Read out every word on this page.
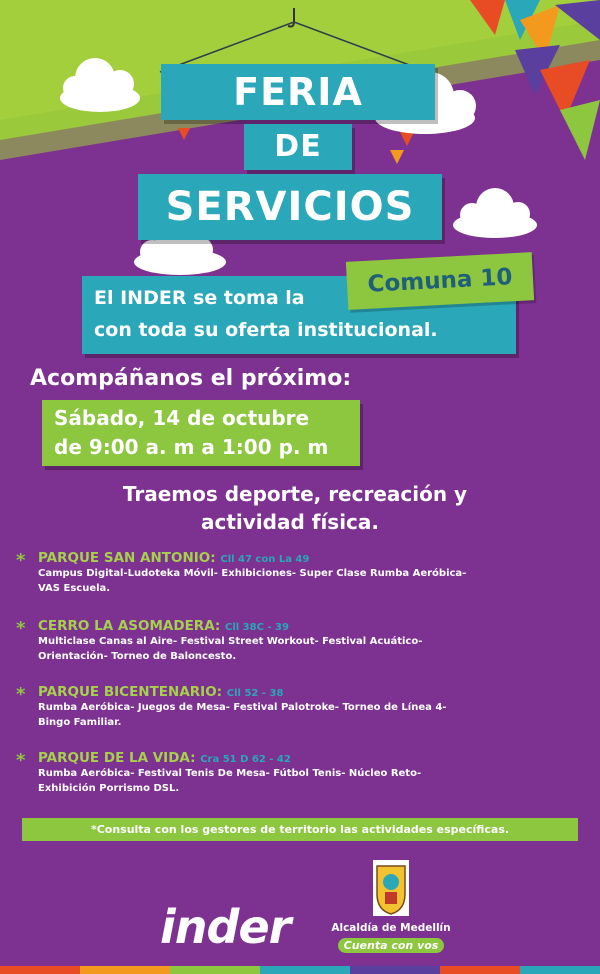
FERIA
DE
SERVICIOS
El INDER se toma la
con toda su oferta institucional.
Comuna 10
Acompáñanos el próximo:
Sábado, 14 de octubre
de 9:00 a. m a 1:00 p. m
Traemos deporte, recreación y
actividad física.
* PARQUE SAN ANTONIO: Cll 47 con La 49
Campus Digital-Ludoteka Móvil- Exhibiciones- Super Clase Rumba Aeróbica-
VAS Escuela.
* CERRO LA ASOMADERA: Cll 38C - 39
Multiclase Canas al Aire- Festival Street Workout- Festival Acuático-
Orientación- Torneo de Baloncesto.
* PARQUE BICENTENARIO: Cll 52 - 38
Rumba Aeróbica- Juegos de Mesa- Festival Palotroke- Torneo de Línea 4-
Bingo Familiar.
* PARQUE DE LA VIDA: Cra 51 D 62 - 42
Rumba Aeróbica- Festival Tenis De Mesa- Fútbol Tenis- Núcleo Reto-
Exhibición Porrismo DSL.
*Consulta con los gestores de territorio las actividades específicas.
inder	Alcaldía de Medellín
Cuenta con vos
